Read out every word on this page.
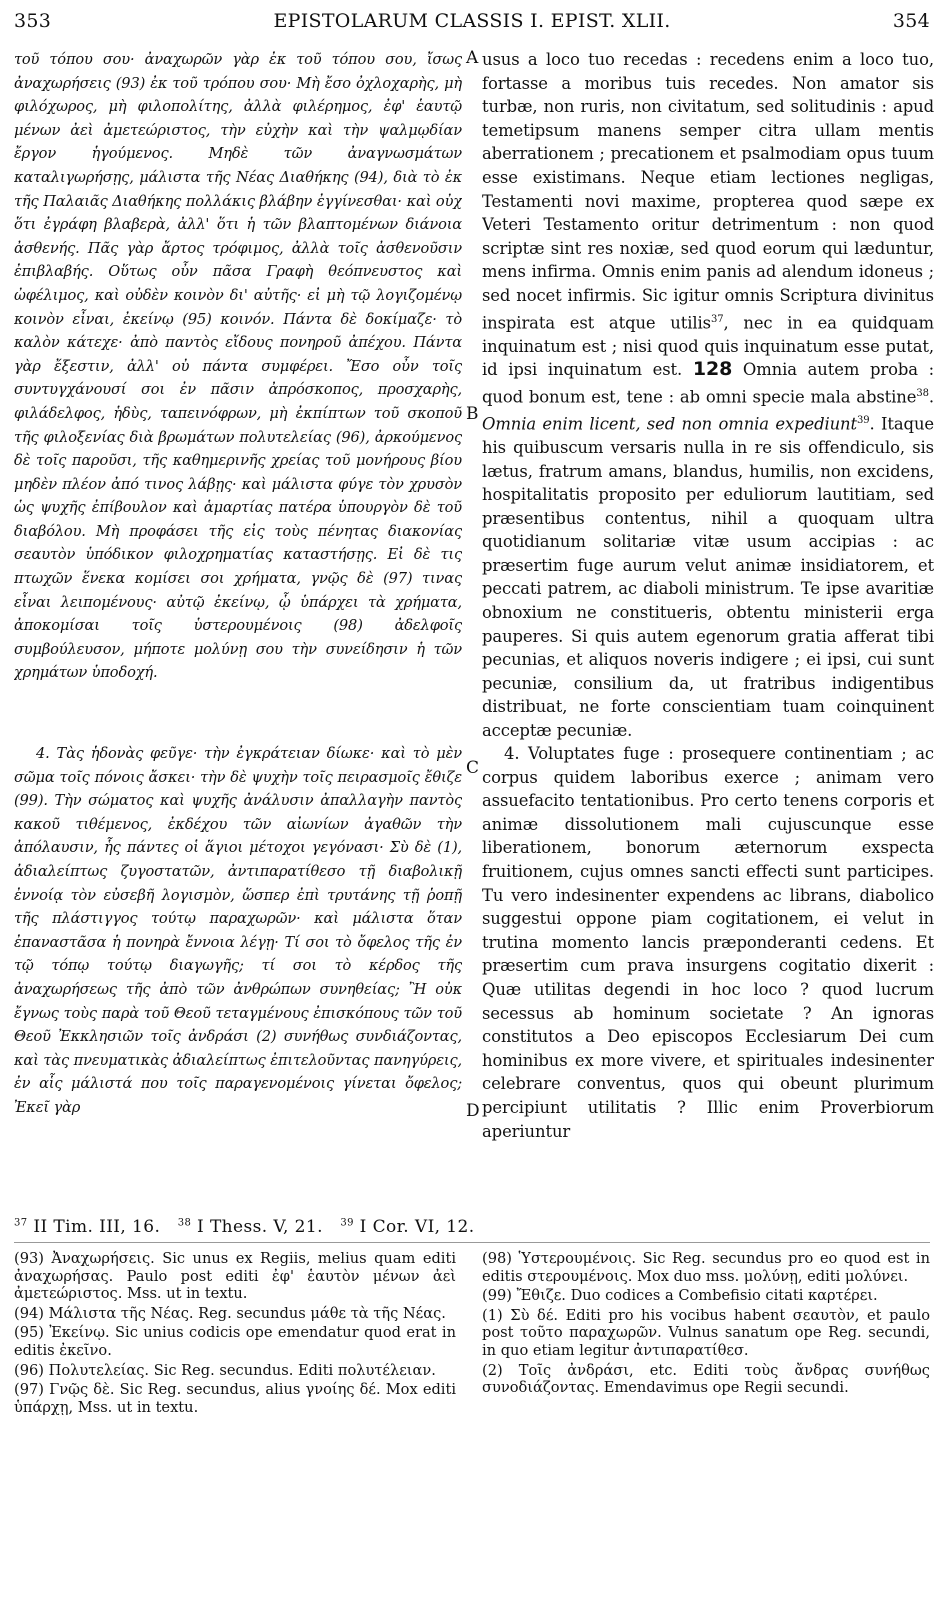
353	EPISTOLARUM CLASSIS I. EPIST. XLII.	354
A
B
C
D

τοῦ τόπου σου· ἀναχωρῶν γὰρ ἐκ τοῦ τόπου σου, ἴσως ἀναχωρήσεις (93) ἐκ τοῦ τρόπου σου· Μὴ ἔσο ὀχλοχαρὴς, μὴ φιλόχωρος, μὴ φιλοπολίτης, ἀλλὰ φιλέρημος, ἐφ' ἑαυτῷ μένων ἀεὶ ἀμετεώριστος, τὴν εὐχὴν καὶ τὴν ψαλμῳδίαν ἔργον ἡγούμενος. Μηδὲ τῶν ἀναγνωσμάτων καταλιγωρήσῃς, μάλιστα τῆς Νέας Διαθήκης (94), διὰ τὸ ἐκ τῆς Παλαιᾶς Διαθήκης πολλάκις βλάβην ἐγγίνεσθαι· καὶ οὐχ ὅτι ἐγράφη βλαβερὰ, ἀλλ' ὅτι ἡ τῶν βλαπτομένων διάνοια ἀσθενής. Πᾶς γὰρ ἄρτος τρόφιμος, ἀλλὰ τοῖς ἀσθενοῦσιν ἐπιβλαβής. Οὕτως οὖν πᾶσα Γραφὴ θεόπνευστος καὶ ὠφέλιμος, καὶ οὐδὲν κοινὸν δι' αὐτῆς· εἰ μὴ τῷ λογιζομένῳ κοινὸν εἶναι, ἐκείνῳ (95) κοινόν. Πάντα δὲ δοκίμαζε· τὸ καλὸν κάτεχε· ἀπὸ παντὸς εἴδους πονηροῦ ἀπέχου. Πάντα γὰρ ἔξεστιν, ἀλλ' οὐ πάντα συμφέρει. Ἔσο οὖν τοῖς συντυγχάνουσί σοι ἐν πᾶσιν ἀπρόσκοπος, προσχαρὴς, φιλάδελφος, ἡδὺς, ταπεινόφρων, μὴ ἐκπίπτων τοῦ σκοποῦ τῆς φιλοξενίας διὰ βρωμάτων πολυτελείας (96), ἀρκούμενος δὲ τοῖς παροῦσι, τῆς καθημερινῆς χρείας τοῦ μονήρους βίου μηδὲν πλέον ἀπό τινος λάβῃς· καὶ μάλιστα φύγε τὸν χρυσὸν ὡς ψυχῆς ἐπίβουλον καὶ ἁμαρτίας πατέρα ὑπουργὸν δὲ τοῦ διαβόλου. Μὴ προφάσει τῆς εἰς τοὺς πένητας διακονίας σεαυτὸν ὑπόδικον φιλοχρηματίας καταστήσῃς. Εἰ δὲ τις πτωχῶν ἕνεκα κομίσει σοι χρήματα, γνῷς δὲ (97) τινας εἶναι λειπομένους· αὐτῷ ἐκείνῳ, ᾧ ὑπάρχει τὰ χρήματα, ἀποκομίσαι τοῖς ὑστερουμένοις (98) ἀδελφοῖς συμβούλευσον, μήποτε μολύνῃ σου τὴν συνείδησιν ἡ τῶν χρημάτων ὑποδοχή.

4. Τὰς ἡδονὰς φεῦγε· τὴν ἐγκράτειαν δίωκε· καὶ τὸ μὲν σῶμα τοῖς πόνοις ἄσκει· τὴν δὲ ψυχὴν τοῖς πειρασμοῖς ἔθιζε (99). Τὴν σώματος καὶ ψυχῆς ἀνάλυσιν ἀπαλλαγὴν παντὸς κακοῦ τιθέμενος, ἐκδέχου τῶν αἰωνίων ἀγαθῶν τὴν ἀπόλαυσιν, ἧς πάντες οἱ ἅγιοι μέτοχοι γεγόνασι· Σὺ δὲ (1), ἀδιαλείπτως ζυγοστατῶν, ἀντιπαρατίθεσο τῇ διαβολικῇ ἐννοίᾳ τὸν εὐσεβῆ λογισμὸν, ὥσπερ ἐπὶ τρυτάνης τῇ ῥοπῇ τῆς πλάστιγγος τούτῳ παραχωρῶν· καὶ μάλιστα ὅταν ἐπαναστᾶσα ἡ πονηρὰ ἔννοια λέγῃ· Τί σοι τὸ ὄφελος τῆς ἐν τῷ τόπῳ τούτῳ διαγωγῆς; τί σοι τὸ κέρδος τῆς ἀναχωρήσεως τῆς ἀπὸ τῶν ἀνθρώπων συνηθείας; Ἢ οὐκ ἔγνως τοὺς παρὰ τοῦ Θεοῦ τεταγμένους ἐπισκόπους τῶν τοῦ Θεοῦ Ἐκκλησιῶν τοῖς ἀνδράσι (2) συνήθως συνδιάζοντας, καὶ τὰς πνευματικὰς ἀδιαλείπτως ἐπιτελοῦντας πανηγύρεις, ἐν αἷς μάλιστά που τοῖς παραγενομένοις γίνεται ὄφελος; Ἐκεῖ γὰρ

usus a loco tuo recedas : recedens enim a loco tuo, fortasse a moribus tuis recedes. Non amator sis turbæ, non ruris, non civitatum, sed solitudinis : apud temetipsum manens semper citra ullam mentis aberrationem ; precationem et psalmodiam opus tuum esse existimans. Neque etiam lectiones negligas, Testamenti novi maxime, propterea quod sæpe ex Veteri Testamento oritur detrimentum : non quod scriptæ sint res noxiæ, sed quod eorum qui læduntur, mens infirma. Omnis enim panis ad alendum idoneus ; sed nocet infirmis. Sic igitur omnis Scriptura divinitus inspirata est atque utilis$^{37}$, nec in ea quidquam inquinatum est ; nisi quod quis inquinatum esse putat, id ipsi inquinatum est. 128 Omnia autem proba : quod bonum est, tene : ab omni specie mala abstine$^{38}$. Omnia enim licent, sed non omnia expediunt$^{39}$. Itaque his quibuscum versaris nulla in re sis offendiculo, sis lætus, fratrum amans, blandus, humilis, non excidens, hospitalitatis proposito per eduliorum lautitiam, sed præsentibus contentus, nihil a quoquam ultra quotidianum solitariæ vitæ usum accipias : ac præsertim fuge aurum velut animæ insidiatorem, et peccati patrem, ac diaboli ministrum. Te ipse avaritiæ obnoxium ne constitueris, obtentu ministerii erga pauperes. Si quis autem egenorum gratia afferat tibi pecunias, et aliquos noveris indigere ; ei ipsi, cui sunt pecuniæ, consilium da, ut fratribus indigentibus distribuat, ne forte conscientiam tuam coinquinent acceptæ pecuniæ.

4. Voluptates fuge : prosequere continentiam ; ac corpus quidem laboribus exerce ; animam vero assuefacito tentationibus. Pro certo tenens corporis et animæ dissolutionem mali cujuscunque esse liberationem, bonorum æternorum exspecta fruitionem, cujus omnes sancti effecti sunt participes. Tu vero indesinenter expendens ac librans, diabolico suggestui oppone piam cogitationem, ei velut in trutina momento lancis præponderanti cedens. Et præsertim cum prava insurgens cogitatio dixerit : Quæ utilitas degendi in hoc loco ? quod lucrum secessus ab hominum societate ? An ignoras constitutos a Deo episcopos Ecclesiarum Dei cum hominibus ex more vivere, et spirituales indesinenter celebrare conventus, quos qui obeunt plurimum percipiunt utilitatis ? Illic enim Proverbiorum aperiuntur

$^{37}$ II Tim. III, 16. $^{38}$ I Thess. V, 21. $^{39}$ I Cor. VI, 12.

(93) Ἀναχωρήσεις. Sic unus ex Regiis, melius quam editi ἀναχωρήσας. Paulo post editi ἐφ' ἑαυτὸν μένων ἀεὶ ἀμετεώριστος. Mss. ut in textu.

(94) Μάλιστα τῆς Νέας. Reg. secundus μάθε τὰ τῆς Νέας.

(95) Ἐκείνῳ. Sic unius codicis ope emendatur quod erat in editis ἐκεῖνο.

(96) Πολυτελείας. Sic Reg. secundus. Editi πολυτέλειαν.

(97) Γνῷς δὲ. Sic Reg. secundus, alius γνοίης δέ. Mox editi ὑπάρχῃ, Mss. ut in textu.

(98) Ὑστερουμένοις. Sic Reg. secundus pro eo quod est in editis στερουμένοις. Mox duo mss. μολύνῃ, editi μολύνει.

(99) Ἔθιζε. Duo codices a Combefisio citati καρτέρει.

(1) Σὺ δέ. Editi pro his vocibus habent σεαυτὸν, et paulo post τοῦτο παραχωρῶν. Vulnus sanatum ope Reg. secundi, in quo etiam legitur ἀντιπαρατίθεσ.

(2) Τοῖς ἀνδράσι, etc. Editi τοὺς ἄνδρας συνήθως συνοδιάζοντας. Emendavimus ope Regii secundi.
